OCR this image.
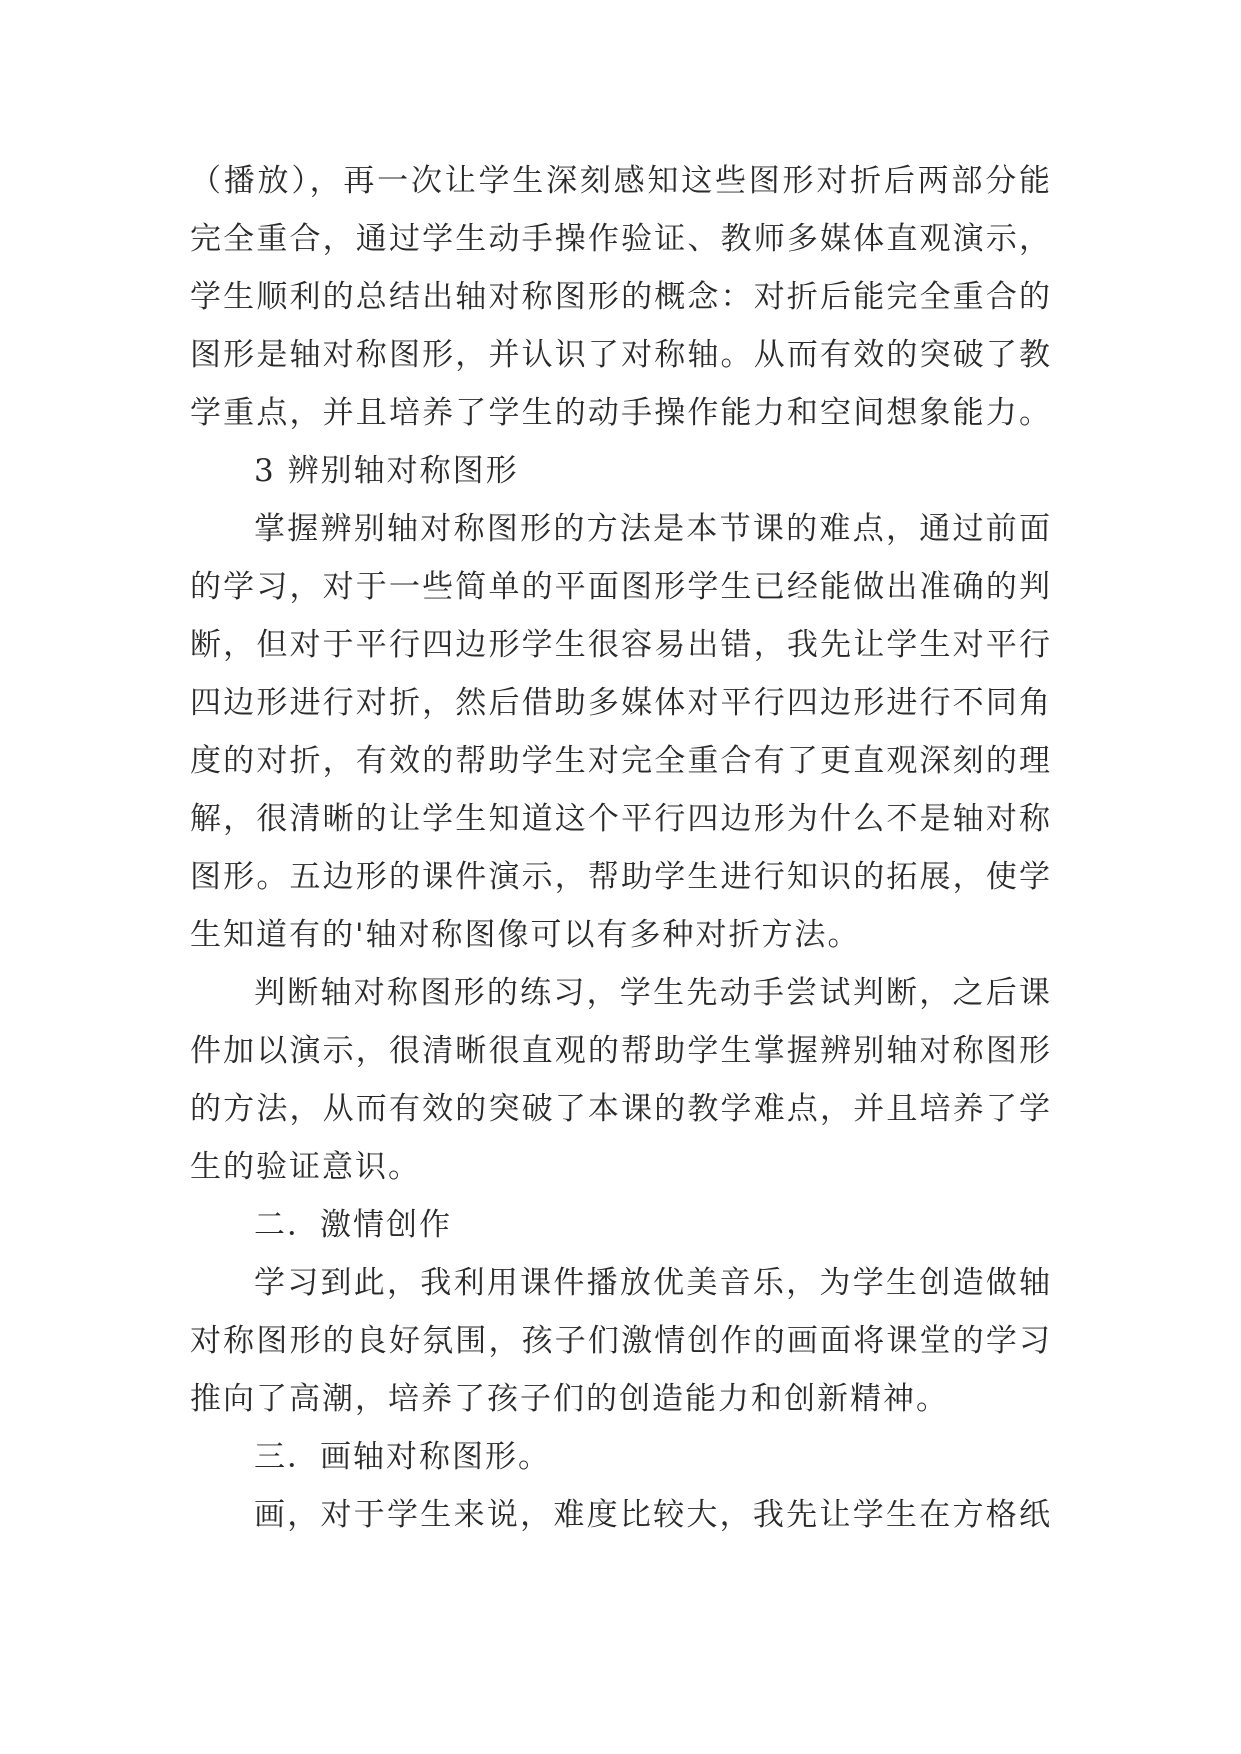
（播放），再一次让学生深刻感知这些图形对折后两部分能
完全重合，通过学生动手操作验证、教师多媒体直观演示，
学生顺利的总结出轴对称图形的概念：对折后能完全重合的
图形是轴对称图形，并认识了对称轴。从而有效的突破了教
学重点，并且培养了学生的动手操作能力和空间想象能力。
3 辨别轴对称图形
掌握辨别轴对称图形的方法是本节课的难点，通过前面
的学习，对于一些简单的平面图形学生已经能做出准确的判
断，但对于平行四边形学生很容易出错，我先让学生对平行
四边形进行对折，然后借助多媒体对平行四边形进行不同角
度的对折，有效的帮助学生对完全重合有了更直观深刻的理
解，很清晰的让学生知道这个平行四边形为什么不是轴对称
图形。五边形的课件演示，帮助学生进行知识的拓展，使学
生知道有的'轴对称图像可以有多种对折方法。
判断轴对称图形的练习，学生先动手尝试判断，之后课
件加以演示，很清晰很直观的帮助学生掌握辨别轴对称图形
的方法，从而有效的突破了本课的教学难点，并且培养了学
生的验证意识。
二．激情创作
学习到此，我利用课件播放优美音乐，为学生创造做轴
对称图形的良好氛围，孩子们激情创作的画面将课堂的学习
推向了高潮，培养了孩子们的创造能力和创新精神。
三．画轴对称图形。
画，对于学生来说，难度比较大，我先让学生在方格纸
